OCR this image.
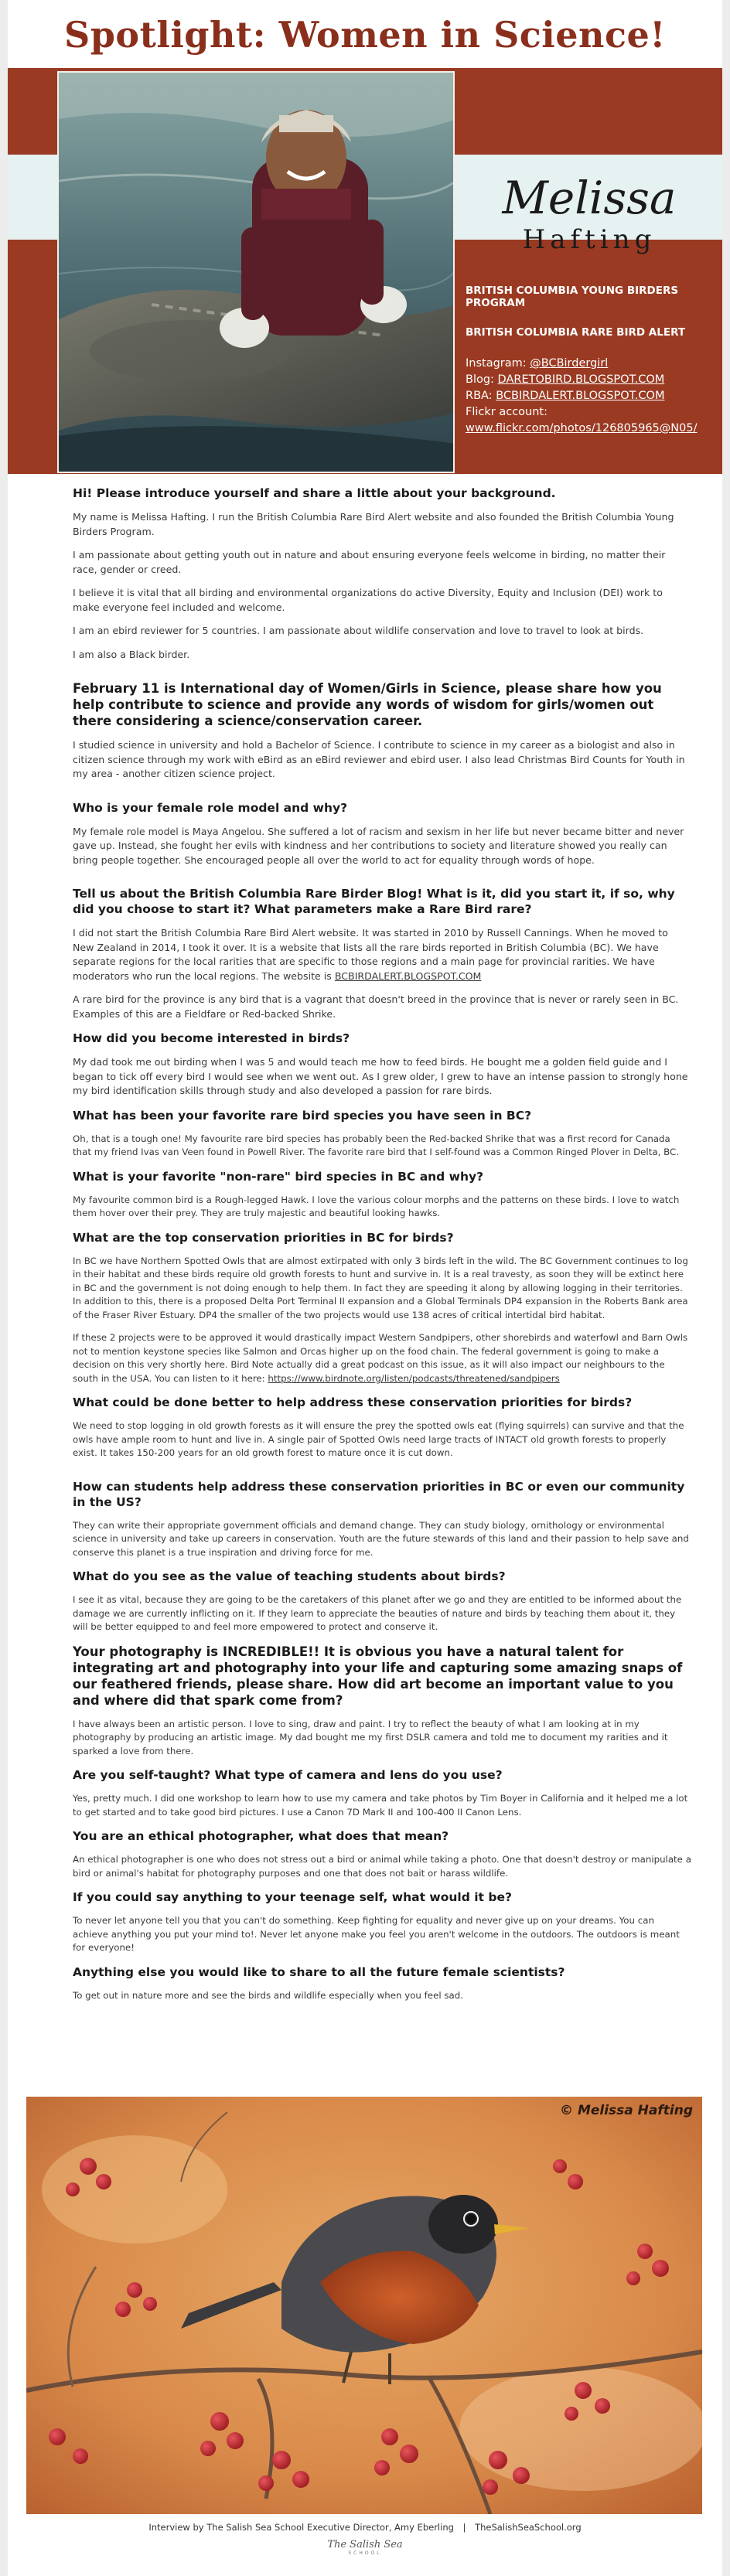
Spotlight: Women in Science!
Melissa
Hafting
BRITISH COLUMBIA YOUNG BIRDERS PROGRAM
BRITISH COLUMBIA RARE BIRD ALERT
Instagram: @BCBirdergirl
Blog: DARETOBIRD.BLOGSPOT.COM
RBA: BCBIRDALERT.BLOGSPOT.COM
Flickr account:
www.flickr.com/photos/126805965@N05/
Hi! Please introduce yourself and share a little about your background.
My name is Melissa Hafting. I run the British Columbia Rare Bird Alert website and also founded the British Columbia Young Birders Program.
I am passionate about getting youth out in nature and about ensuring everyone feels welcome in birding, no matter their race, gender or creed.
I believe it is vital that all birding and environmental organizations do active Diversity, Equity and Inclusion (DEI) work to make everyone feel included and welcome.
I am an ebird reviewer for 5 countries. I am passionate about wildlife conservation and love to travel to look at birds.
I am also a Black birder.
February 11 is International day of Women/Girls in Science, please share how you help contribute to science and provide any words of wisdom for girls/women out there considering a science/conservation career.
I studied science in university and hold a Bachelor of Science. I contribute to science in my career as a biologist and also in citizen science through my work with eBird as an eBird reviewer and ebird user. I also lead Christmas Bird Counts for Youth in my area - another citizen science project.
Who is your female role model and why?
My female role model is Maya Angelou. She suffered a lot of racism and sexism in her life but never became bitter and never gave up. Instead, she fought her evils with kindness and her contributions to society and literature showed you really can bring people together. She encouraged people all over the world to act for equality through words of hope.
Tell us about the British Columbia Rare Birder Blog! What is it, did you start it, if so, why did you choose to start it? What parameters make a Rare Bird rare?
I did not start the British Columbia Rare Bird Alert website. It was started in 2010 by Russell Cannings. When he moved to New Zealand in 2014, I took it over. It is a website that lists all the rare birds reported in British Columbia (BC). We have separate regions for the local rarities that are specific to those regions and a main page for provincial rarities. We have moderators who run the local regions. The website is BCBIRDALERT.BLOGSPOT.COM
A rare bird for the province is any bird that is a vagrant that doesn't breed in the province that is never or rarely seen in BC. Examples of this are a Fieldfare or Red-backed Shrike.
How did you become interested in birds?
My dad took me out birding when I was 5 and would teach me how to feed birds. He bought me a golden field guide and I began to tick off every bird I would see when we went out. As I grew older, I grew to have an intense passion to strongly hone my bird identification skills through study and also developed a passion for rare birds.
What has been your favorite rare bird species you have seen in BC?
Oh, that is a tough one! My favourite rare bird species has probably been the Red-backed Shrike that was a first record for Canada that my friend Ivas van Veen found in Powell River. The favorite rare bird that I self-found was a Common Ringed Plover in Delta, BC.
What is your favorite "non-rare" bird species in BC and why?
My favourite common bird is a Rough-legged Hawk. I love the various colour morphs and the patterns on these birds. I love to watch them hover over their prey. They are truly majestic and beautiful looking hawks.
What are the top conservation priorities in BC for birds?
In BC we have Northern Spotted Owls that are almost extirpated with only 3 birds left in the wild. The BC Government continues to log in their habitat and these birds require old growth forests to hunt and survive in. It is a real travesty, as soon they will be extinct here in BC and the government is not doing enough to help them. In fact they are speeding it along by allowing logging in their territories. In addition to this, there is a proposed Delta Port Terminal II expansion and a Global Terminals DP4 expansion in the Roberts Bank area of the Fraser River Estuary. DP4 the smaller of the two projects would use 138 acres of critical intertidal bird habitat.
If these 2 projects were to be approved it would drastically impact Western Sandpipers, other shorebirds and waterfowl and Barn Owls not to mention keystone species like Salmon and Orcas higher up on the food chain. The federal government is going to make a decision on this very shortly here. Bird Note actually did a great podcast on this issue, as it will also impact our neighbours to the south in the USA. You can listen to it here: https://www.birdnote.org/listen/podcasts/threatened/sandpipers
What could be done better to help address these conservation priorities for birds?
We need to stop logging in old growth forests as it will ensure the prey the spotted owls eat (flying squirrels) can survive and that the owls have ample room to hunt and live in. A single pair of Spotted Owls need large tracts of INTACT old growth forests to properly exist. It takes 150-200 years for an old growth forest to mature once it is cut down.
How can students help address these conservation priorities in BC or even our community in the US?
They can write their appropriate government officials and demand change. They can study biology, ornithology or environmental science in university and take up careers in conservation. Youth are the future stewards of this land and their passion to help save and conserve this planet is a true inspiration and driving force for me.
What do you see as the value of teaching students about birds?
I see it as vital, because they are going to be the caretakers of this planet after we go and they are entitled to be informed about the damage we are currently inflicting on it. If they learn to appreciate the beauties of nature and birds by teaching them about it, they will be better equipped to and feel more empowered to protect and conserve it.
Your photography is INCREDIBLE!! It is obvious you have a natural talent for integrating art and photography into your life and capturing some amazing snaps of our feathered friends, please share. How did art become an important value to you and where did that spark come from?
I have always been an artistic person. I love to sing, draw and paint. I try to reflect the beauty of what I am looking at in my photography by producing an artistic image. My dad bought me my first DSLR camera and told me to document my rarities and it sparked a love from there.
Are you self-taught? What type of camera and lens do you use?
Yes, pretty much. I did one workshop to learn how to use my camera and take photos by Tim Boyer in California and it helped me a lot to get started and to take good bird pictures. I use a Canon 7D Mark II and 100-400 II Canon Lens.
You are an ethical photographer, what does that mean?
An ethical photographer is one who does not stress out a bird or animal while taking a photo. One that doesn't destroy or manipulate a bird or animal's habitat for photography purposes and one that does not bait or harass wildlife.
If you could say anything to your teenage self, what would it be?
To never let anyone tell you that you can't do something. Keep fighting for equality and never give up on your dreams. You can achieve anything you put your mind to!. Never let anyone make you feel you aren't welcome in the outdoors. The outdoors is meant for everyone!
Anything else you would like to share to all the future female scientists?
To get out in nature more and see the birds and wildlife especially when you feel sad.
© Melissa Hafting
Interview by The Salish Sea School Executive Director, Amy Eberling | TheSalishSeaSchool.org
The Salish Sea
SCHOOL
